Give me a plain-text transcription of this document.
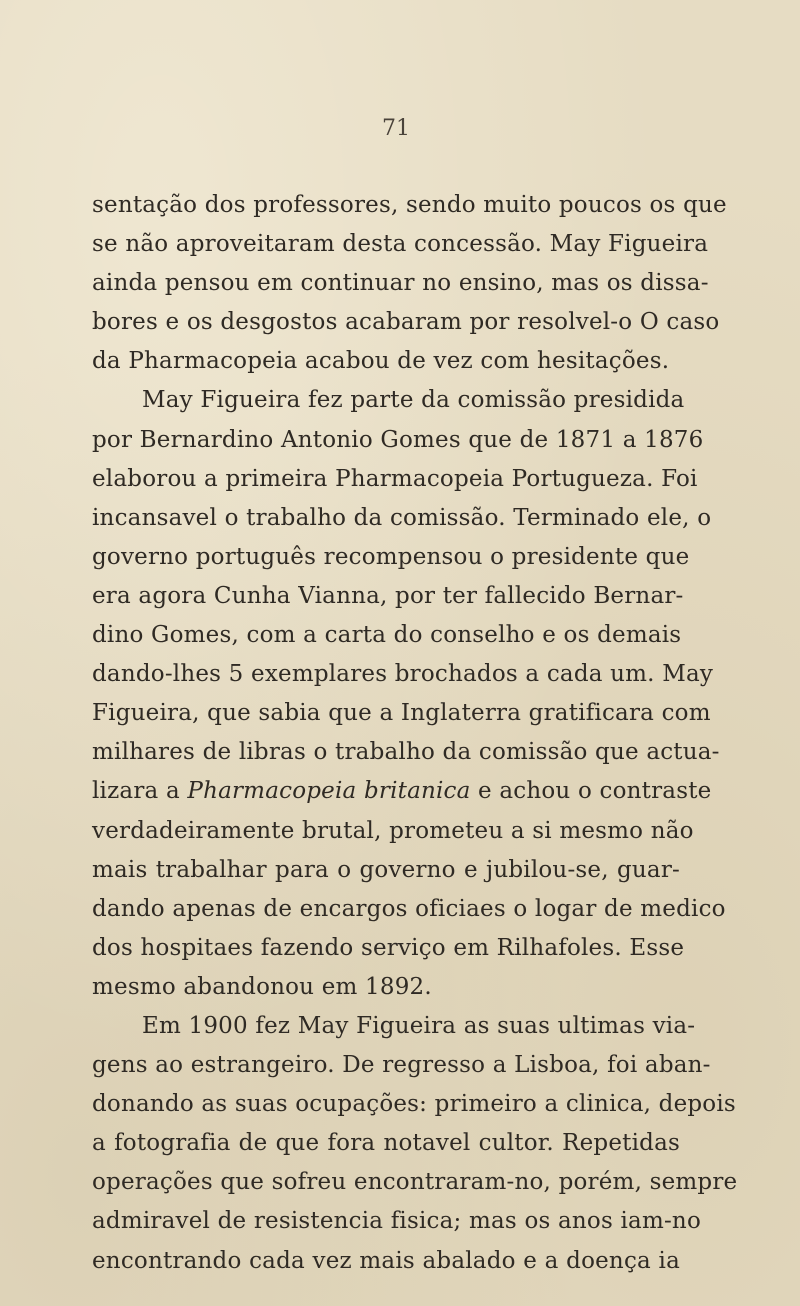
71
sentação dos professores, sendo muito poucos os que
se não aproveitaram desta concessão. May Figueira
ainda pensou em continuar no ensino, mas os dissa-
bores e os desgostos acabaram por resolvel-o O caso
da Pharmacopeia acabou de vez com hesitações.
May Figueira fez parte da comissão presidida
por Bernardino Antonio Gomes que de 1871 a 1876
elaborou a primeira Pharmacopeia Portugueza. Foi
incansavel o trabalho da comissão. Terminado ele, o
governo português recompensou o presidente que
era agora Cunha Vianna, por ter fallecido Bernar-
dino Gomes, com a carta do conselho e os demais
dando-lhes 5 exemplares brochados a cada um. May
Figueira, que sabia que a Inglaterra gratificara com
milhares de libras o trabalho da comissão que actua-
lizara a Pharmacopeia britanica e achou o contraste
verdadeiramente brutal, prometeu a si mesmo não
mais trabalhar para o governo e jubilou-se, guar-
dando apenas de encargos oficiaes o logar de medico
dos hospitaes fazendo serviço em Rilhafoles. Esse
mesmo abandonou em 1892.
Em 1900 fez May Figueira as suas ultimas via-
gens ao estrangeiro. De regresso a Lisboa, foi aban-
donando as suas ocupações: primeiro a clinica, depois
a fotografia de que fora notavel cultor. Repetidas
operações que sofreu encontraram-no, porém, sempre
admiravel de resistencia fisica; mas os anos iam-no
encontrando cada vez mais abalado e a doença ia
